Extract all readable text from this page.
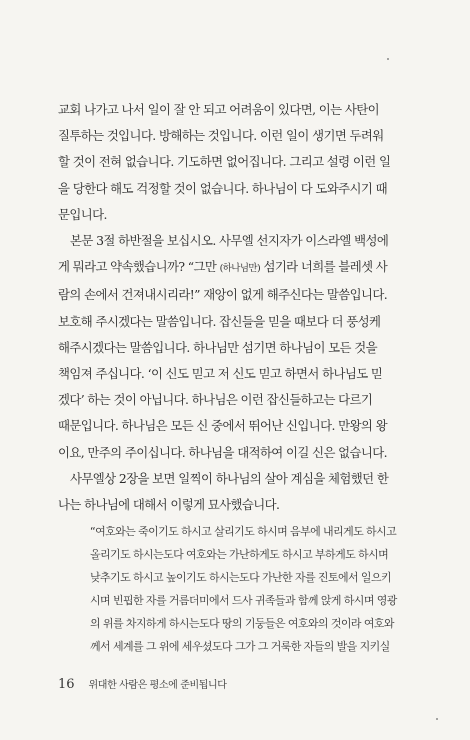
교회 나가고 나서 일이 잘 안 되고 어려움이 있다면, 이는 사탄이
질투하는 것입니다. 방해하는 것입니다. 이런 일이 생기면 두려워
할 것이 전혀 없습니다. 기도하면 없어집니다. 그리고 설령 이런 일
을 당한다 해도 걱정할 것이 없습니다. 하나님이 다 도와주시기 때
문입니다.

본문 3절 하반절을 보십시오. 사무엘 선지자가 이스라엘 백성에
게 뭐라고 약속했습니까? “그만 (하나님만) 섬기라 너희를 블레셋 사
람의 손에서 건져내시리라!” 재앙이 없게 해주신다는 말씀입니다.
보호해 주시겠다는 말씀입니다. 잡신들을 믿을 때보다 더 풍성케
해주시겠다는 말씀입니다. 하나님만 섬기면 하나님이 모든 것을
책임져 주십니다. ‘이 신도 믿고 저 신도 믿고 하면서 하나님도 믿
겠다’ 하는 것이 아닙니다. 하나님은 이런 잡신들하고는 다르기
때문입니다. 하나님은 모든 신 중에서 뛰어난 신입니다. 만왕의 왕
이요, 만주의 주이십니다. 하나님을 대적하여 이길 신은 없습니다.

사무엘상 2장을 보면 일찍이 하나님의 살아 계심을 체험했던 한
나는 하나님에 대해서 이렇게 묘사했습니다.

“여호와는 죽이기도 하시고 살리기도 하시며 음부에 내리게도 하시고
올리기도 하시는도다 여호와는 가난하게도 하시고 부하게도 하시며
낮추기도 하시고 높이기도 하시는도다 가난한 자를 진토에서 일으키
시며 빈핍한 자를 거름더미에서 드사 귀족들과 함께 앉게 하시며 영광
의 위를 차지하게 하시는도다 땅의 기둥들은 여호와의 것이라 여호와
께서 세계를 그 위에 세우셨도다 그가 그 거룩한 자들의 발을 지키실
16 위대한 사람은 평소에 준비됩니다
